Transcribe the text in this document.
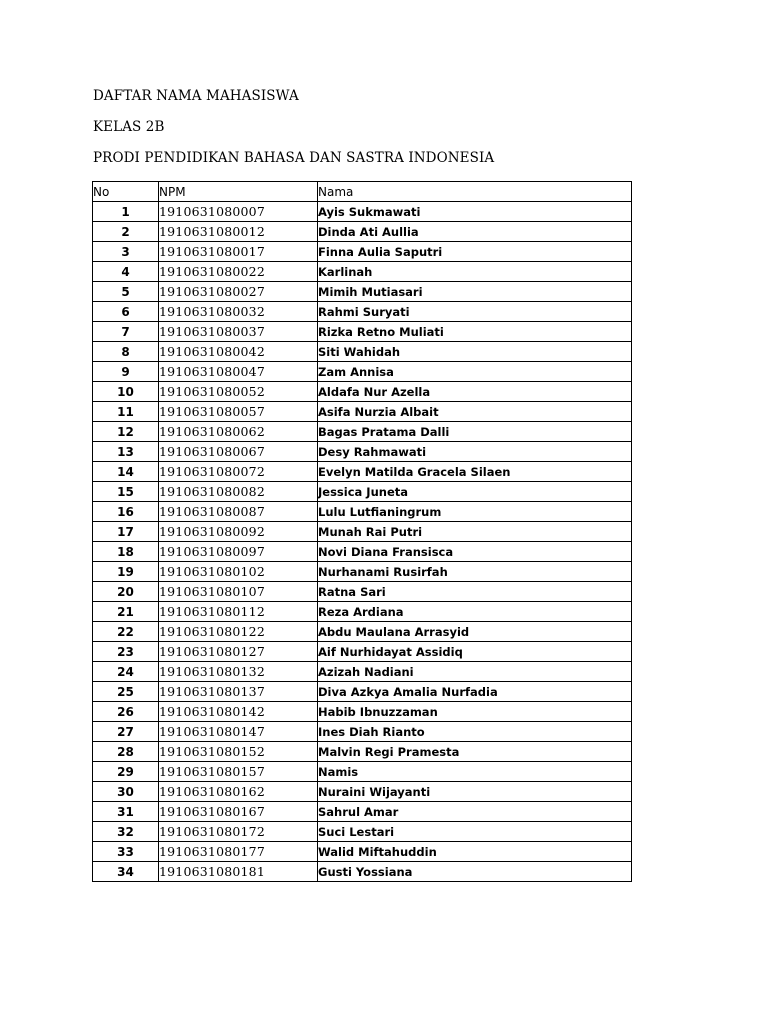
DAFTAR NAMA MAHASISWA
KELAS 2B
PRODI PENDIDIKAN BAHASA DAN SASTRA INDONESIA
No	NPM	Nama
1	1910631080007	Ayis Sukmawati
2	1910631080012	Dinda Ati Aullia
3	1910631080017	Finna Aulia Saputri
4	1910631080022	Karlinah
5	1910631080027	Mimih Mutiasari
6	1910631080032	Rahmi Suryati
7	1910631080037	Rizka Retno Muliati
8	1910631080042	Siti Wahidah
9	1910631080047	Zam Annisa
10	1910631080052	Aldafa Nur Azella
11	1910631080057	Asifa Nurzia Albait
12	1910631080062	Bagas Pratama Dalli
13	1910631080067	Desy Rahmawati
14	1910631080072	Evelyn Matilda Gracela Silaen
15	1910631080082	Jessica Juneta
16	1910631080087	Lulu Lutfianingrum
17	1910631080092	Munah Rai Putri
18	1910631080097	Novi Diana Fransisca
19	1910631080102	Nurhanami Rusirfah
20	1910631080107	Ratna Sari
21	1910631080112	Reza Ardiana
22	1910631080122	Abdu Maulana Arrasyid
23	1910631080127	Aif Nurhidayat Assidiq
24	1910631080132	Azizah Nadiani
25	1910631080137	Diva Azkya Amalia Nurfadia
26	1910631080142	Habib Ibnuzzaman
27	1910631080147	Ines Diah Rianto
28	1910631080152	Malvin Regi Pramesta
29	1910631080157	Namis
30	1910631080162	Nuraini Wijayanti
31	1910631080167	Sahrul Amar
32	1910631080172	Suci Lestari
33	1910631080177	Walid Miftahuddin
34	1910631080181	Gusti Yossiana
